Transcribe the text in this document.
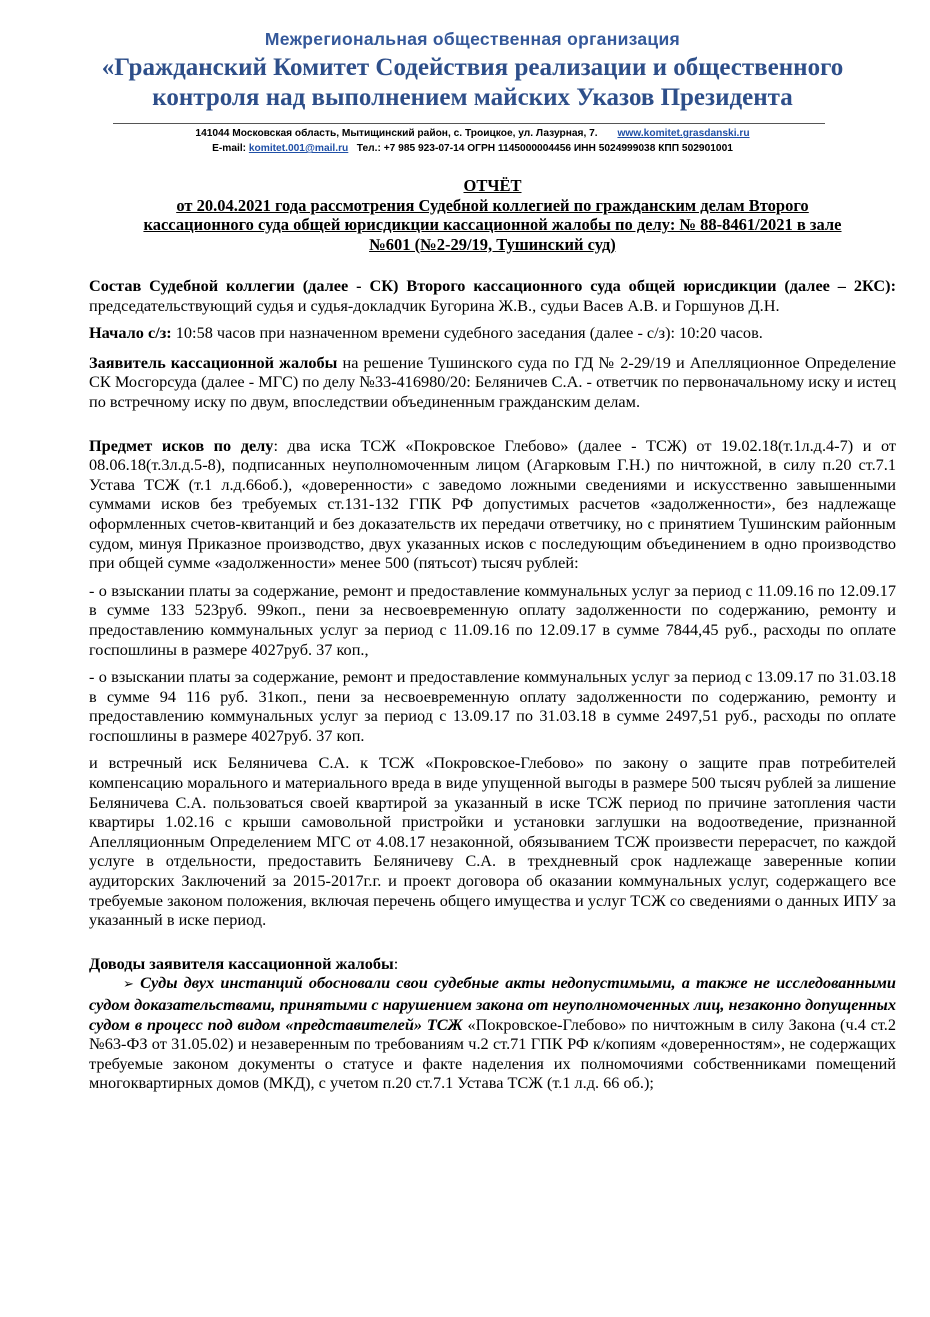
Межрегиональная общественная организация
«Гражданский Комитет Содействия реализации и общественного
контроля над выполнением майских Указов Президента
141044 Московская область, Мытищинский район, с. Троицкое, ул. Лазурная, 7. www.komitet.grasdanski.ru
E-mail: komitet.001@mail.ru Тел.: +7 985 923-07-14 ОГРН 1145000004456 ИНН 5024999038 КПП 502901001
ОТЧЁТ
от 20.04.2021 года рассмотрения Судебной коллегией по гражданским делам Второго
кассационного суда общей юрисдикции кассационной жалобы по делу: № 88-8461/2021 в зале
№601 (№2-29/19, Тушинский суд)

Состав Судебной коллегии (далее - СК) Второго кассационного суда общей юрисдикции (далее – 2КС): председательствующий судья и судья-докладчик Бугорина Ж.В., судьи Васев А.В. и Горшунов Д.Н.

Начало с/з: 10:58 часов при назначенном времени судебного заседания (далее - с/з): 10:20 часов.

Заявитель кассационной жалобы на решение Тушинского суда по ГД № 2-29/19 и Апелляционное Определение СК Мосгорсуда (далее - МГС) по делу №33-416980/20: Беляничев С.А. - ответчик по первоначальному иску и истец по встречному иску по двум, впоследствии объединенным гражданским делам.

Предмет исков по делу: два иска ТСЖ «Покровское Глебово» (далее - ТСЖ) от 19.02.18(т.1л.д.4-7) и от 08.06.18(т.3л.д.5-8), подписанных неуполномоченным лицом (Агарковым Г.Н.) по ничтожной, в силу п.20 ст.7.1 Устава ТСЖ (т.1 л.д.66об.), «доверенности» с заведомо ложными сведениями и искусственно завышенными суммами исков без требуемых ст.131-132 ГПК РФ допустимых расчетов «задолженности», без надлежаще оформленных счетов-квитанций и без доказательств их передачи ответчику, но с принятием Тушинским районным судом, минуя Приказное производство, двух указанных исков с последующим объединением в одно производство при общей сумме «задолженности» менее 500 (пятьсот) тысяч рублей:

- о взыскании платы за содержание, ремонт и предоставление коммунальных услуг за период с 11.09.16 по 12.09.17 в сумме 133 523руб. 99коп., пени за несвоевременную оплату задолженности по содержанию, ремонту и предоставлению коммунальных услуг за период с 11.09.16 по 12.09.17 в сумме 7844,45 руб., расходы по оплате госпошлины в размере 4027руб. 37 коп.,

- о взыскании платы за содержание, ремонт и предоставление коммунальных услуг за период с 13.09.17 по 31.03.18 в сумме 94 116 руб. 31коп., пени за несвоевременную оплату задолженности по содержанию, ремонту и предоставлению коммунальных услуг за период с 13.09.17 по 31.03.18 в сумме 2497,51 руб., расходы по оплате госпошлины в размере 4027руб. 37 коп.

и встречный иск Беляничева С.А. к ТСЖ «Покровское-Глебово» по закону о защите прав потребителей компенсацию морального и материального вреда в виде упущенной выгоды в размере 500 тысяч рублей за лишение Беляничева С.А. пользоваться своей квартирой за указанный в иске ТСЖ период по причине затопления части квартиры 1.02.16 с крыши самовольной пристройки и установки заглушки на водоотведение, признанной Апелляционным Определением МГС от 4.08.17 незаконной, обязыванием ТСЖ произвести перерасчет, по каждой услуге в отдельности, предоставить Беляничеву С.А. в трехдневный срок надлежаще заверенные копии аудиторских Заключений за 2015-2017г.г. и проект договора об оказании коммунальных услуг, содержащего все требуемые законом положения, включая перечень общего имущества и услуг ТСЖ со сведениями о данных ИПУ за указанный в иске период.

Доводы заявителя кассационной жалобы:

➢ Суды двух инстанций обосновали свои судебные акты недопустимыми, а также не исследованными судом доказательствами, принятыми с нарушением закона от неуполномоченных лиц, незаконно допущенных судом в процесс под видом «представителей» ТСЖ «Покровское-Глебово» по ничтожным в силу Закона (ч.4 ст.2 №63-ФЗ от 31.05.02) и незаверенным по требованиям ч.2 ст.71 ГПК РФ к/копиям «доверенностям», не содержащих требуемые законом документы о статусе и факте наделения их полномочиями собственниками помещений многоквартирных домов (МКД), с учетом п.20 ст.7.1 Устава ТСЖ (т.1 л.д. 66 об.);
